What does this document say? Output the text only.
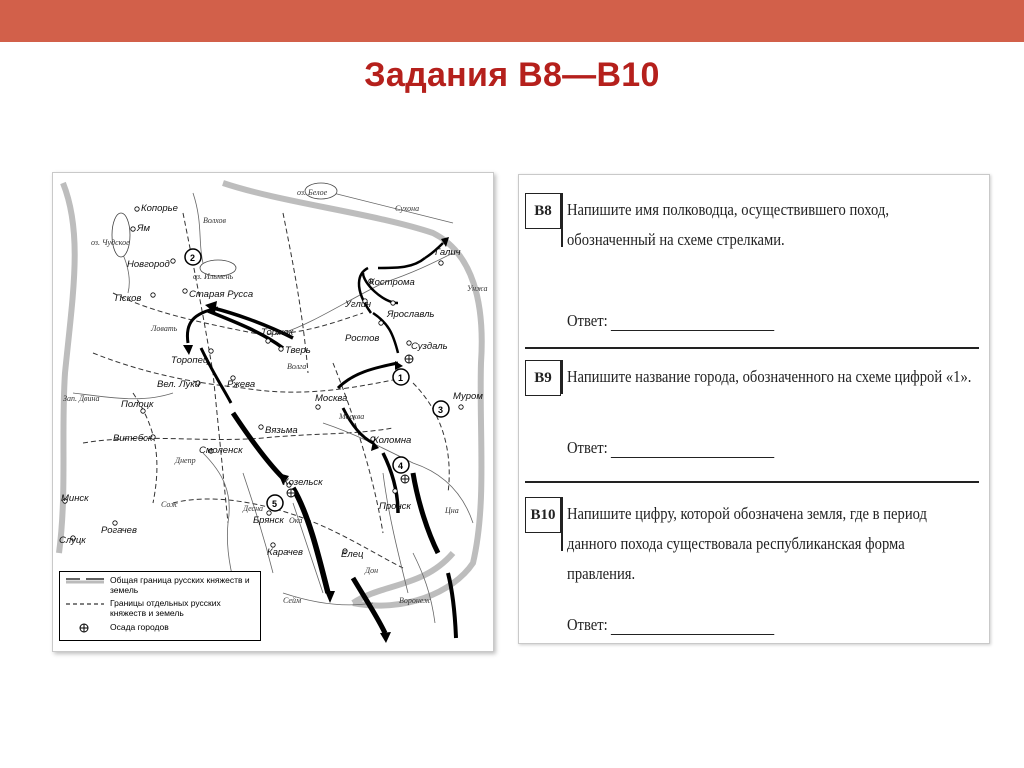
Задания В8—В10
1
2
3
4
5
Копорье
Ям
Новгород
Псков	Старая Русса
Торопец
Вел. Луки	Ржева
Торжок
Тверь
Полоцк
Витебск
Смоленск
Вязьма
Москва
Коломна
Козельск
Брянск
Карачев	Елец
Пронск
Минск
Рогачев
Слуцк
Кострома
Галич
Углич
Ярославль
Ростов
Суздаль
Муром
Волхов
оз. Чудское
оз. Ильмень
оз. Белое
Сухона
Унжа
Ловать
Волга
Зап. Двина
Днепр
Сож	Десна
Ока
Москва
Дон
Воронеж
Цна
Сейм
Общая граница русских княжеств и земель
Границы отдельных русских княжеств и земель
Осада городов
В8 Напишите имя полководца, осуществившего поход, обозначенный на схеме стрелками.
Ответ:
В9 Напишите название города, обозначенного на схеме цифрой «1».
Ответ:
В10 Напишите цифру, которой обозначена земля, где в период данного похода существовала республиканская форма правления.
Ответ:
